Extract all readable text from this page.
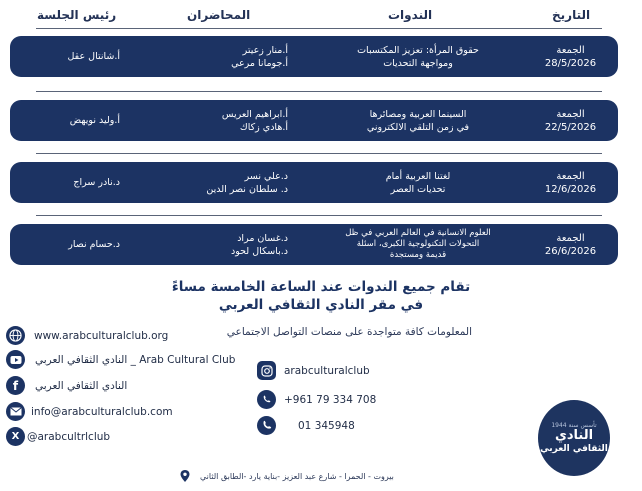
التاريخ
الندوات
المحاضران
رئيس الجلسة
الجمعة
28/5/2026
حقوق المرأة: تعزيز المكتسبات
ومواجهة التحديات
أ.منار زعيتر
أ.جومانا مرعي
أ.شانتال عقل
الجمعة
22/5/2026
السينما العربية ومصائرها
في زمن التلقي الالكتروني
أ.ابراهيم العريس
أ.هادي زكاك
أ.وليد نويهض
الجمعة
12/6/2026
لغتنا العربية أمام
تحديات العصر
د.علي نسر
د. سلطان نصر الدين
د.نادر سراج
الجمعة
26/6/2026
العلوم الانسانية في العالم العربي في ظل
التحولات التكنولوجية الكبرى، اسئلة
قديمة ومستجدة
د.غسان مراد
د.باسكال لحود
د.حسام نصار
تقام جميع الندوات عند الساعة الخامسة مساءً
في مقر النادي الثقافي العربي
المعلومات كافة متواجدة على منصات التواصل الاجتماعي
www.arabculturalclub.org
النادي الثقافي العربي _ Arab Cultural Club
f	النادي الثقافي العربي
info@arabculturalclub.com
X @arabcultrlclub
arabculturalclub
+961 79 334 708
01 345948	تأسس سنة 1944
النادي
الثقافي العربي
بيروت - الحمرا - شارع عبد العزيز -بناية يارد -الطابق الثاني
